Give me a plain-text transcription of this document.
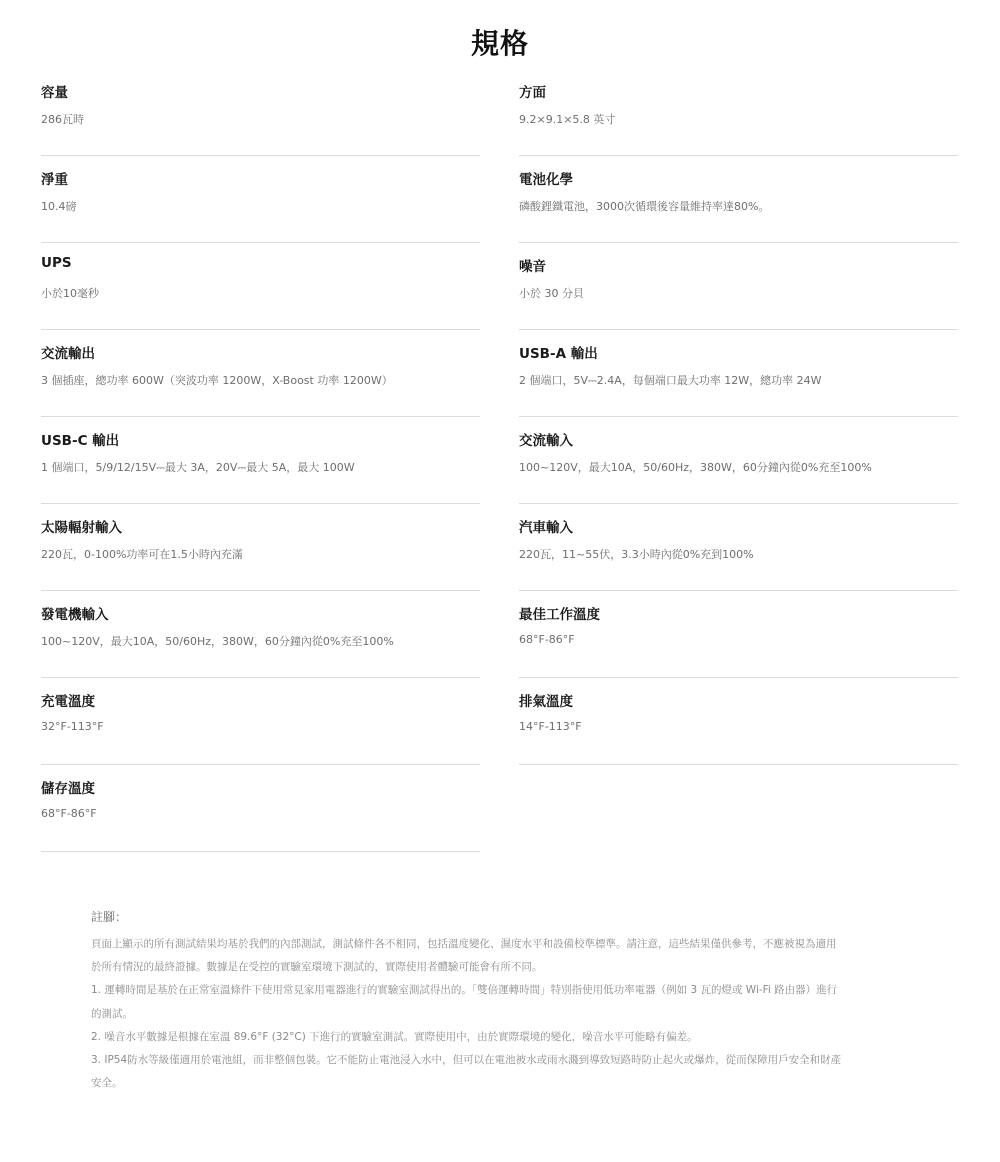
規格
容量
286瓦時
方面
9.2×9.1×5.8 英寸
淨重
10.4磅
電池化學
磷酸鋰鐵電池，3000次循環後容量維持率達80%。
UPS
小於10毫秒
噪音
小於 30 分貝
交流輸出
3 個插座，總功率 600W（突波功率 1200W，X-Boost 功率 1200W）
USB-A 輸出
2 個端口，5V⎓2.4A，每個端口最大功率 12W，總功率 24W
USB-C 輸出
1 個端口，5/9/12/15V⎓最大 3A，20V⎓最大 5A，最大 100W
交流輸入
100~120V，最大10A，50/60Hz，380W，60分鐘內從0%充至100%
太陽輻射輸入
220瓦，0-100%功率可在1.5小時內充滿
汽車輸入
220瓦，11~55伏，3.3小時內從0%充到100%
發電機輸入
100~120V，最大10A，50/60Hz，380W，60分鐘內從0%充至100%
最佳工作溫度
68°F-86°F
充電溫度
32°F-113°F
排氣溫度
14°F-113°F
儲存溫度
68°F-86°F
註腳：
頁面上顯示的所有測試結果均基於我們的內部測試，測試條件各不相同，包括溫度變化、濕度水平和設備校準標準。請注意，這些結果僅供參考，不應被視為適用
於所有情況的最終證據。數據是在受控的實驗室環境下測試的，實際使用者體驗可能會有所不同。
1. 運轉時間是基於在正常室溫條件下使用常見家用電器進行的實驗室測試得出的。「雙倍運轉時間」特別指使用低功率電器（例如 3 瓦的燈或 Wi-Fi 路由器）進行
的測試。
2. 噪音水平數據是根據在室溫 89.6°F (32°C) 下進行的實驗室測試。實際使用中，由於實際環境的變化，噪音水平可能略有偏差。
3. IP54防水等級僅適用於電池組，而非整個包裝。它不能防止電池浸入水中，但可以在電池被水或雨水濺到導致短路時防止起火或爆炸，從而保障用戶安全和財產
安全。
